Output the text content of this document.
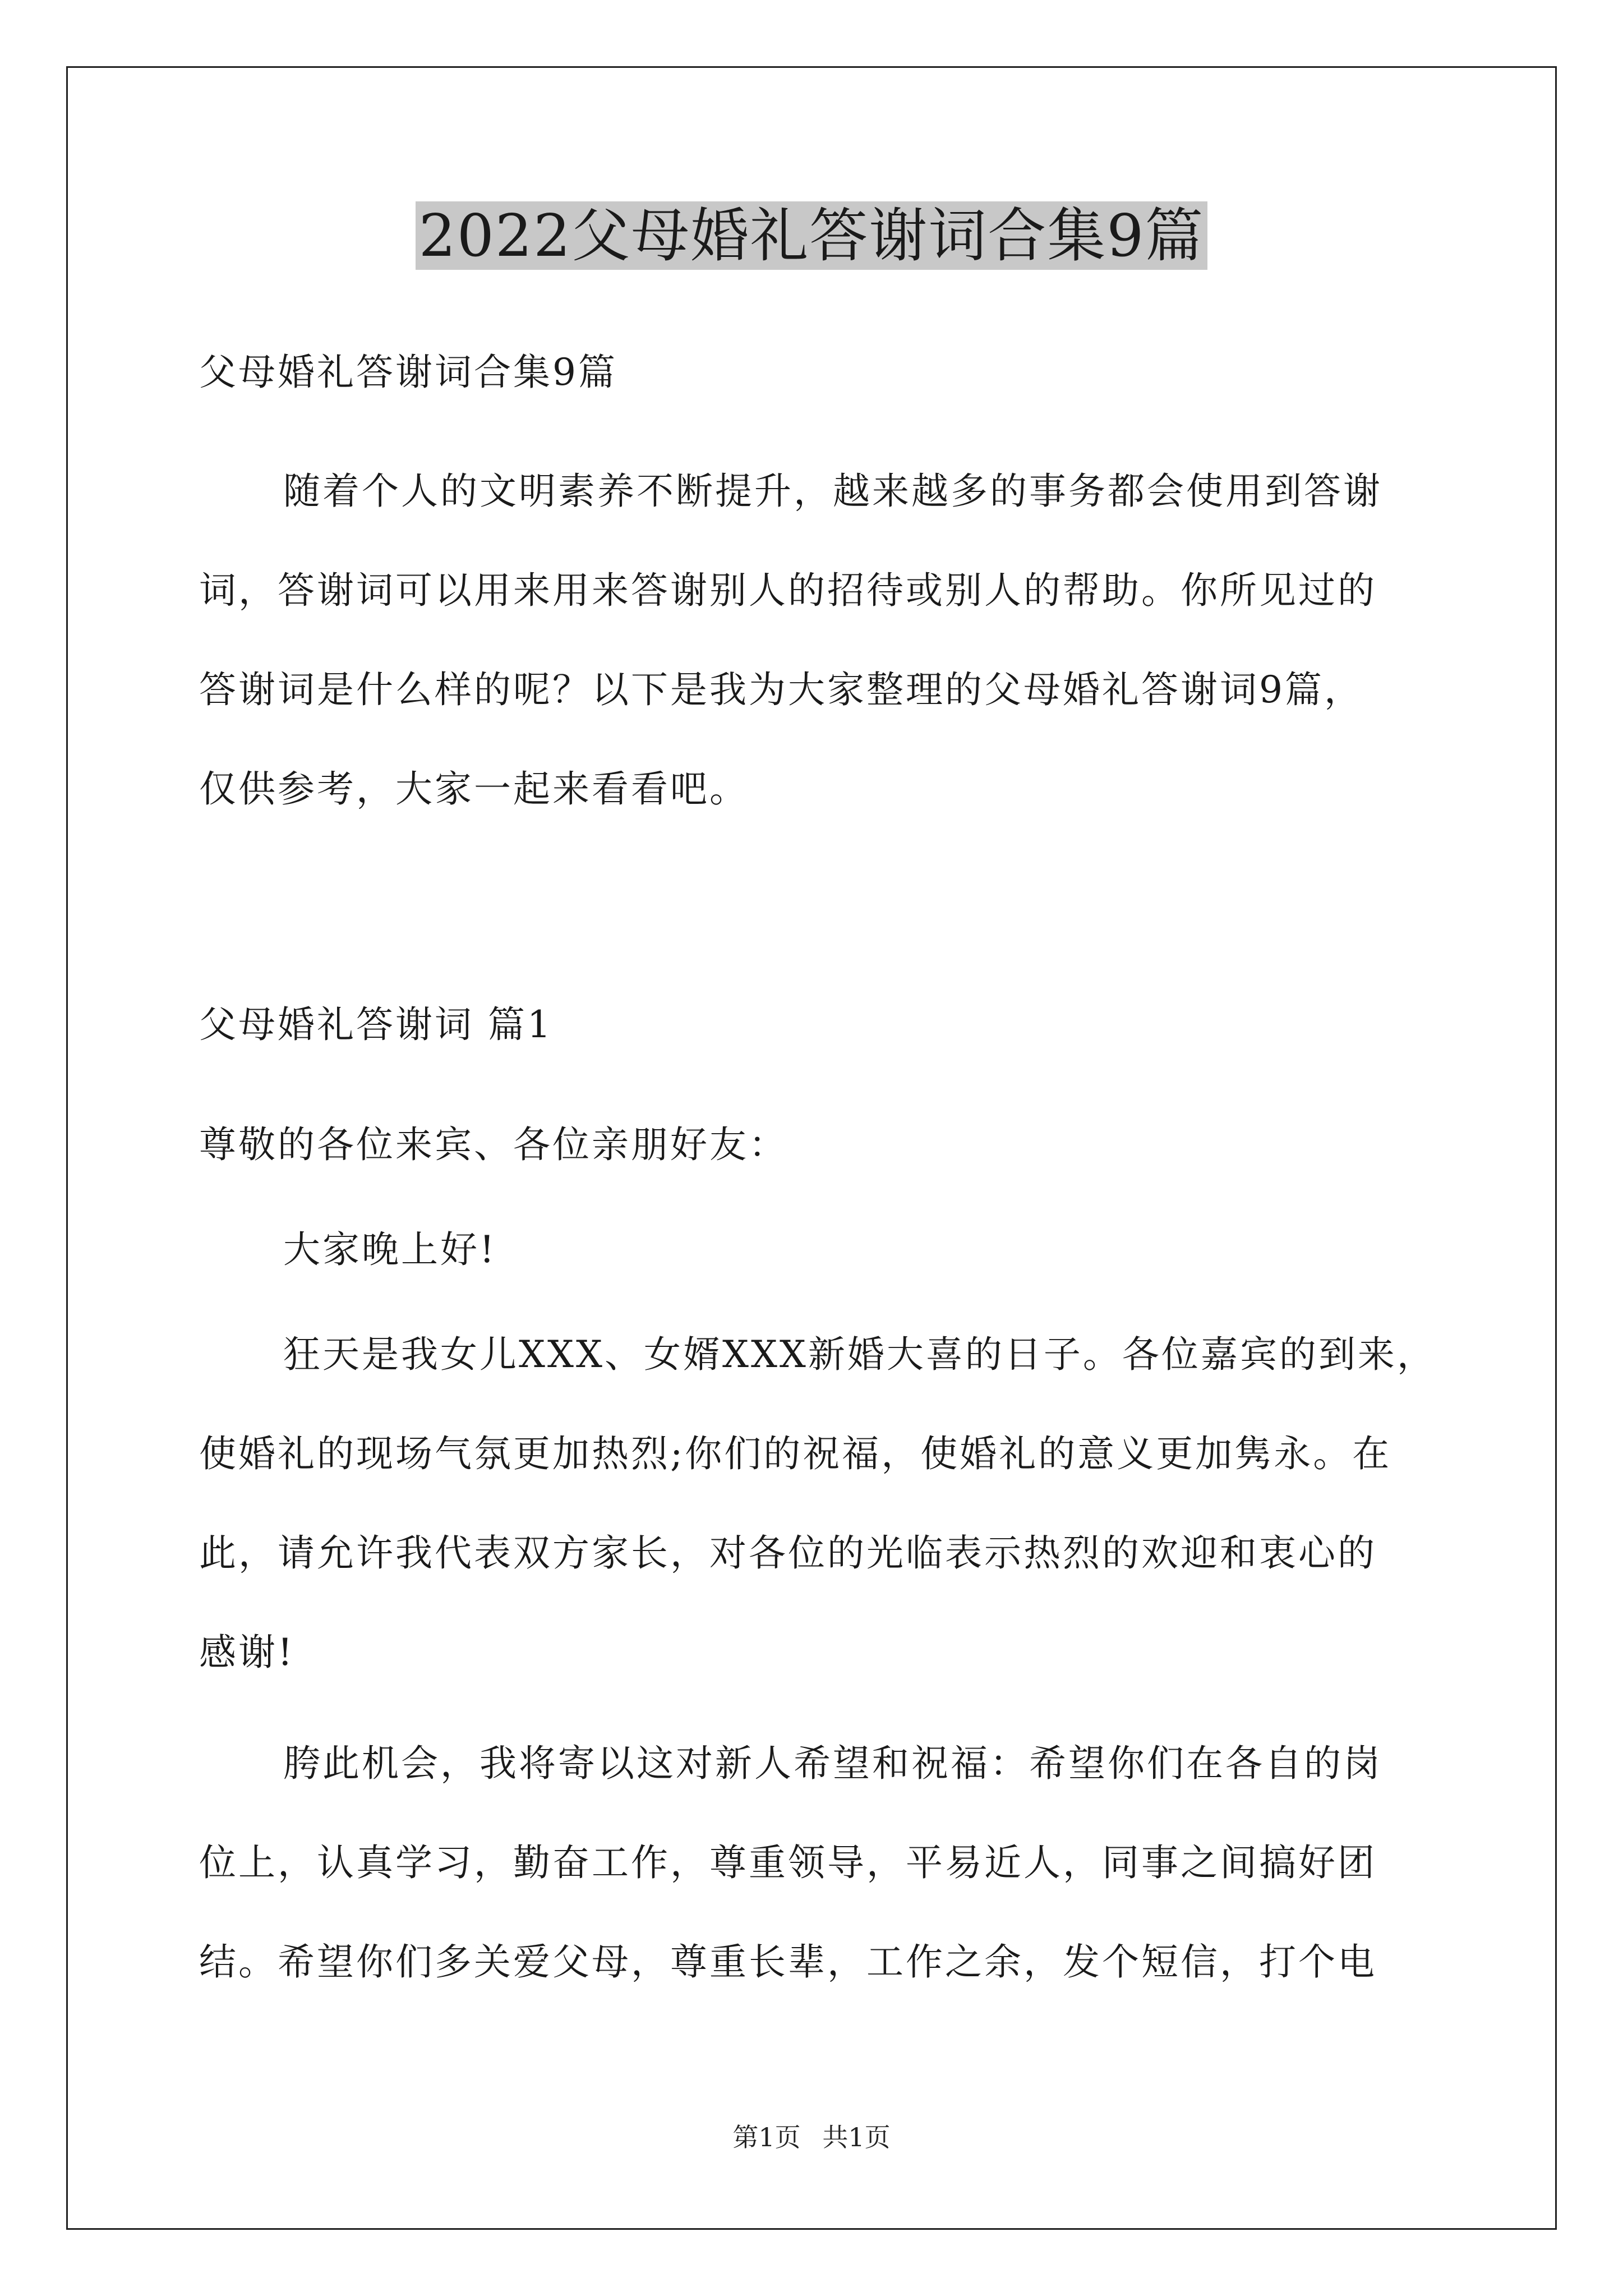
2022父母婚礼答谢词合集9篇

父母婚礼答谢词合集9篇

随着个人的文明素养不断提升，越来越多的事务都会使用到答谢

词，答谢词可以用来用来答谢别人的招待或别人的帮助。你所见过的

答谢词是什么样的呢？以下是我为大家整理的父母婚礼答谢词9篇，

仅供参考，大家一起来看看吧。

父母婚礼答谢词 篇1

尊敬的各位来宾、各位亲朋好友：

大家晚上好!

狂天是我女儿XXX、女婿XXX新婚大喜的日子。各位嘉宾的到来，

使婚礼的现场气氛更加热烈;你们的祝福，使婚礼的意义更加隽永。在

此，请允许我代表双方家长，对各位的光临表示热烈的欢迎和衷心的

感谢!

胯此机会，我将寄以这对新人希望和祝福：希望你们在各自的岗

位上，认真学习，勤奋工作，尊重领导，平易近人，同事之间搞好团

结。希望你们多关爱父母，尊重长辈，工作之余，发个短信，打个电

第1页 共1页
